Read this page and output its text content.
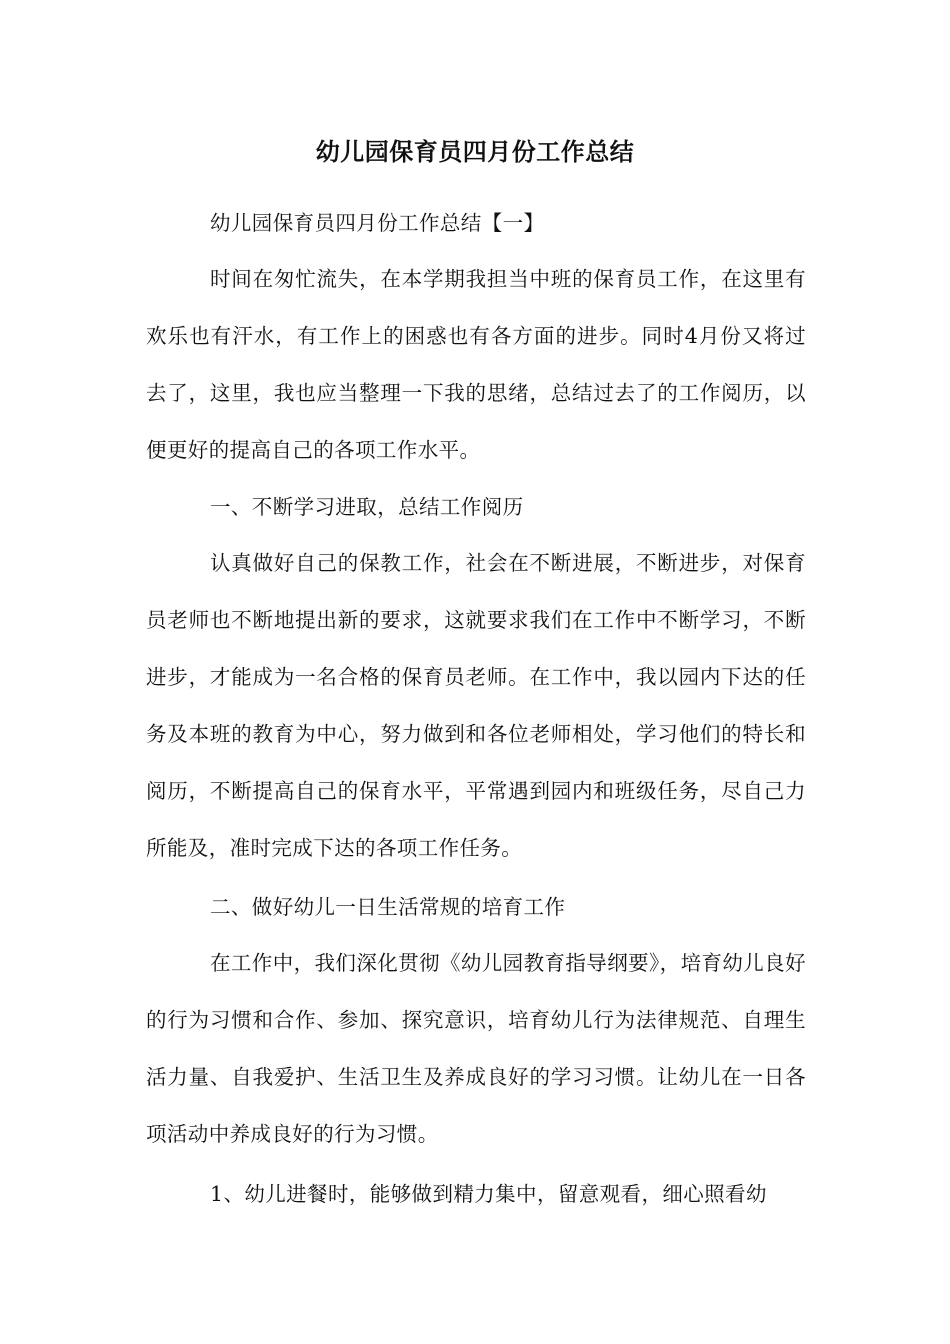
幼儿园保育员四月份工作总结
幼儿园保育员四月份工作总结【一】
时间在匆忙流失，在本学期我担当中班的保育员工作，在这里有欢乐也有汗水，有工作上的困惑也有各方面的进步。同时4月份又将过去了，这里，我也应当整理一下我的思绪，总结过去了的工作阅历，以便更好的提高自己的各项工作水平。
一、不断学习进取，总结工作阅历
认真做好自己的保教工作，社会在不断进展，不断进步，对保育员老师也不断地提出新的要求，这就要求我们在工作中不断学习，不断进步，才能成为一名合格的保育员老师。在工作中，我以园内下达的任务及本班的教育为中心，努力做到和各位老师相处，学习他们的特长和阅历，不断提高自己的保育水平，平常遇到园内和班级任务，尽自己力所能及，准时完成下达的各项工作任务。
二、做好幼儿一日生活常规的培育工作
在工作中，我们深化贯彻《幼儿园教育指导纲要》，培育幼儿良好的行为习惯和合作、参加、探究意识，培育幼儿行为法律规范、自理生活力量、自我爱护、生活卫生及养成良好的学习习惯。让幼儿在一日各项活动中养成良好的行为习惯。
1、幼儿进餐时，能够做到精力集中，留意观看，细心照看幼
